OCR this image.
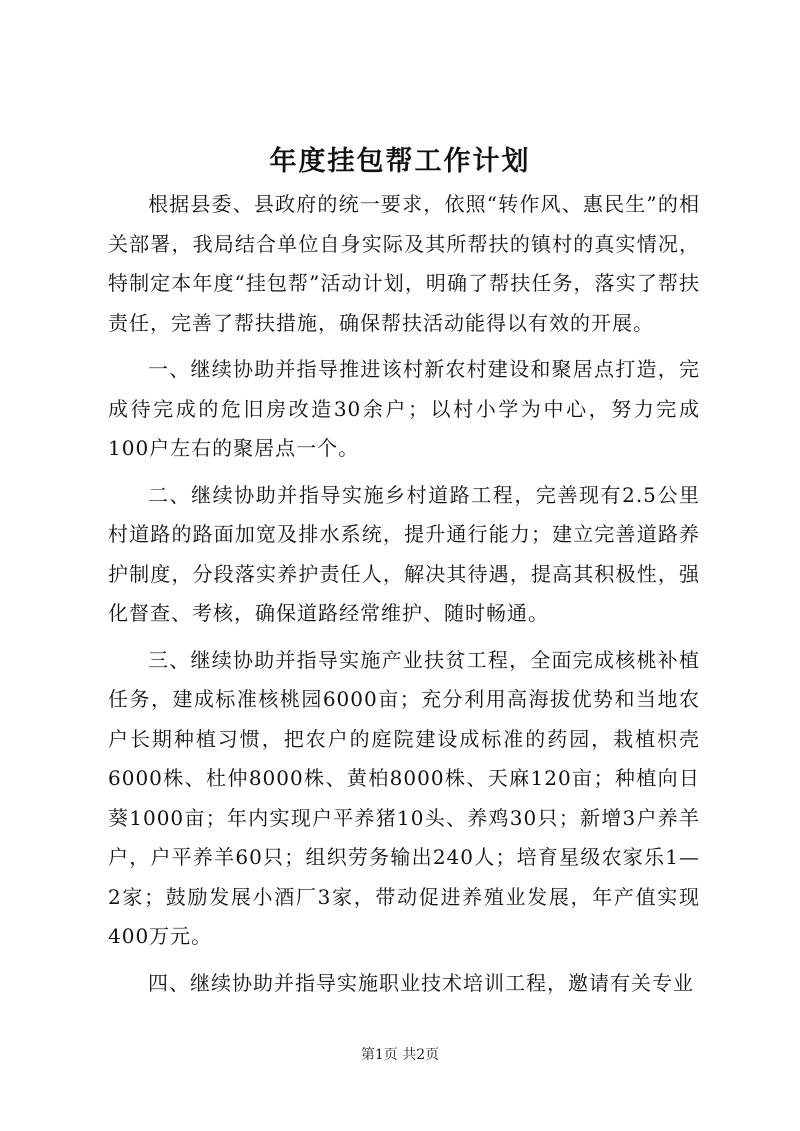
年度挂包帮工作计划

根据县委、县政府的统一要求，依照“转作风、惠民生”的相关部署，我局结合单位自身实际及其所帮扶的镇村的真实情况，特制定本年度“挂包帮”活动计划，明确了帮扶任务，落实了帮扶责任，完善了帮扶措施，确保帮扶活动能得以有效的开展。

一、继续协助并指导推进该村新农村建设和聚居点打造，完成待完成的危旧房改造30余户；以村小学为中心，努力完成100户左右的聚居点一个。

二、继续协助并指导实施乡村道路工程，完善现有2.5公里村道路的路面加宽及排水系统，提升通行能力；建立完善道路养护制度，分段落实养护责任人，解决其待遇，提高其积极性，强化督查、考核，确保道路经常维护、随时畅通。

三、继续协助并指导实施产业扶贫工程，全面完成核桃补植任务，建成标准核桃园6000亩；充分利用高海拔优势和当地农户长期种植习惯，把农户的庭院建设成标准的药园，栽植枳壳6000株、杜仲8000株、黄柏8000株、天麻120亩；种植向日葵1000亩；年内实现户平养猪10头、养鸡30只；新增3户养羊户，户平养羊60只；组织劳务输出240人；培育星级农家乐1—2家；鼓励发展小酒厂3家，带动促进养殖业发展，年产值实现400万元。

四、继续协助并指导实施职业技术培训工程，邀请有关专业

第1页 共2页
